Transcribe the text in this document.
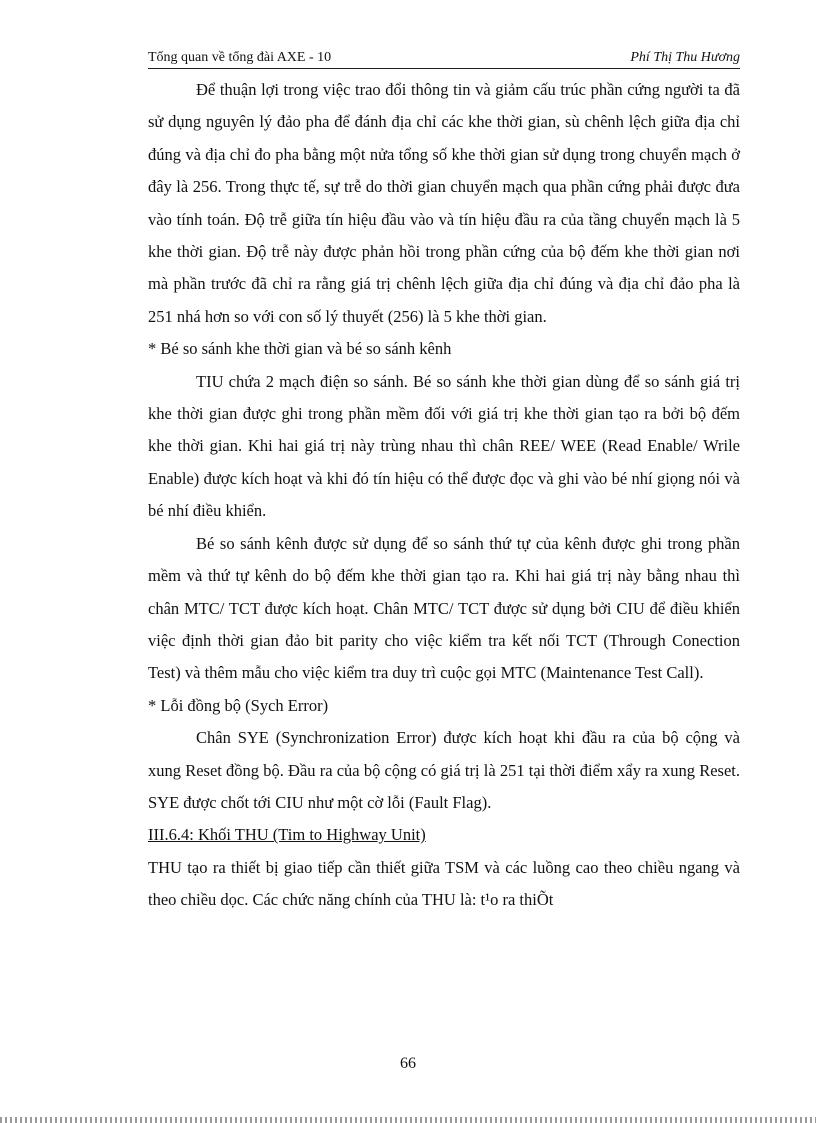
Tổng quan về tổng đài AXE - 10	Phí Thị Thu Hương

Để thuận lợi trong việc trao đổi thông tin và giảm cấu trúc phần cứng người ta đã sử dụng nguyên lý đảo pha để đánh địa chỉ các khe thời gian, sù chênh lệch giữa địa chỉ đúng và địa chỉ đo pha bằng một nửa tổng số khe thời gian sử dụng trong chuyển mạch ở đây là 256. Trong thực tế, sự trễ do thời gian chuyển mạch qua phần cứng phải được đưa vào tính toán. Độ trễ giữa tín hiệu đầu vào và tín hiệu đầu ra của tầng chuyển mạch là 5 khe thời gian. Độ trễ này được phản hồi trong phần cứng của bộ đếm khe thời gian nơi mà phần trước đã chỉ ra rằng giá trị chênh lệch giữa địa chỉ đúng và địa chỉ đảo pha là 251 nhá hơn so với con số lý thuyết (256) là 5 khe thời gian.

* Bé so sánh khe thời gian và bé so sánh kênh

TIU chứa 2 mạch điện so sánh. Bé so sánh khe thời gian dùng để so sánh giá trị khe thời gian được ghi trong phần mềm đối với giá trị khe thời gian tạo ra bởi bộ đếm khe thời gian. Khi hai giá trị này trùng nhau thì chân REE/ WEE (Read Enable/ Wrile Enable) được kích hoạt và khi đó tín hiệu có thể được đọc và ghi vào bé nhí giọng nói và bé nhí điều khiển.

Bé so sánh kênh được sử dụng để so sánh thứ tự của kênh được ghi trong phần mềm và thứ tự kênh do bộ đếm khe thời gian tạo ra. Khi hai giá trị này bằng nhau thì chân MTC/ TCT được kích hoạt. Chân MTC/ TCT được sử dụng bởi CIU để điều khiển việc định thời gian đảo bit parity cho việc kiểm tra kết nối TCT (Through Conection Test) và thêm mẫu cho việc kiểm tra duy trì cuộc gọi MTC (Maintenance Test Call).

* Lỗi đồng bộ (Sych Error)

Chân SYE (Synchronization Error) được kích hoạt khi đầu ra của bộ cộng và xung Reset đồng bộ. Đầu ra của bộ cộng có giá trị là 251 tại thời điểm xẩy ra xung Reset. SYE được chốt tới CIU như một cờ lỗi (Fault Flag).

III.6.4: Khối THU (Tim to Highway Unit)

THU tạo ra thiết bị giao tiếp cần thiết giữa TSM và các luồng cao theo chiều ngang và theo chiều dọc. Các chức năng chính của THU là: t¹o ra thiÕt

66
